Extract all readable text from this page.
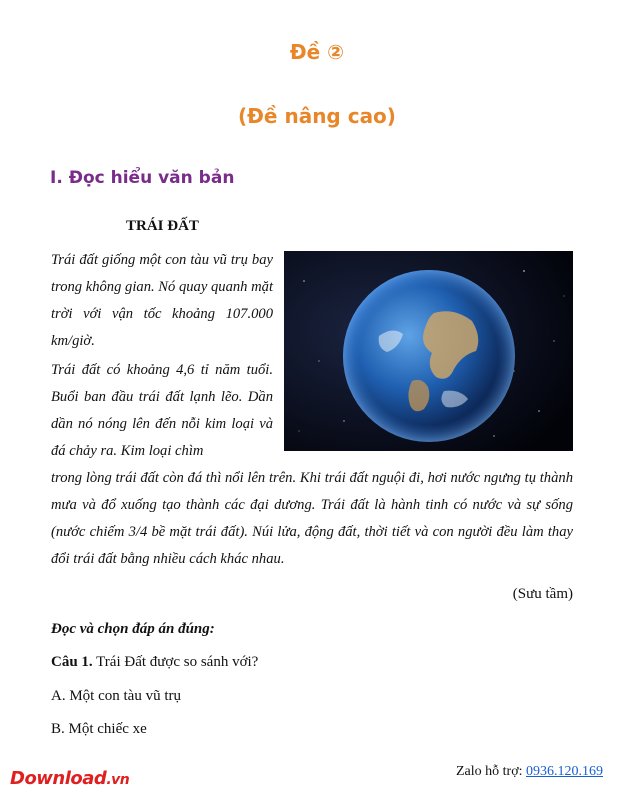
Đề ②
(Đề nâng cao)
I. Đọc hiểu văn bản
TRÁI ĐẤT

Trái đất giống một con tàu vũ trụ bay trong không gian. Nó quay quanh mặt trời với vận tốc khoảng 107.000 km/giờ.

Trái đất có khoảng 4,6 tỉ năm tuổi. Buổi ban đầu trái đất lạnh lẽo. Dần dần nó nóng lên đến nỗi kim loại và đá chảy ra. Kim loại chìm

trong lòng trái đất còn đá thì nổi lên trên. Khi trái đất nguội đi, hơi nước ngưng tụ thành mưa và đổ xuống tạo thành các đại dương. Trái đất là hành tinh có nước và sự sống (nước chiếm 3/4 bề mặt trái đất). Núi lửa, động đất, thời tiết và con người đều làm thay đổi trái đất bằng nhiều cách khác nhau.

(Sưu tầm)
Đọc và chọn đáp án đúng:
Câu 1. Trái Đất được so sánh với?
A. Một con tàu vũ trụ
B. Một chiếc xe
Download.vn
Zalo hỗ trợ: 0936.120.169
